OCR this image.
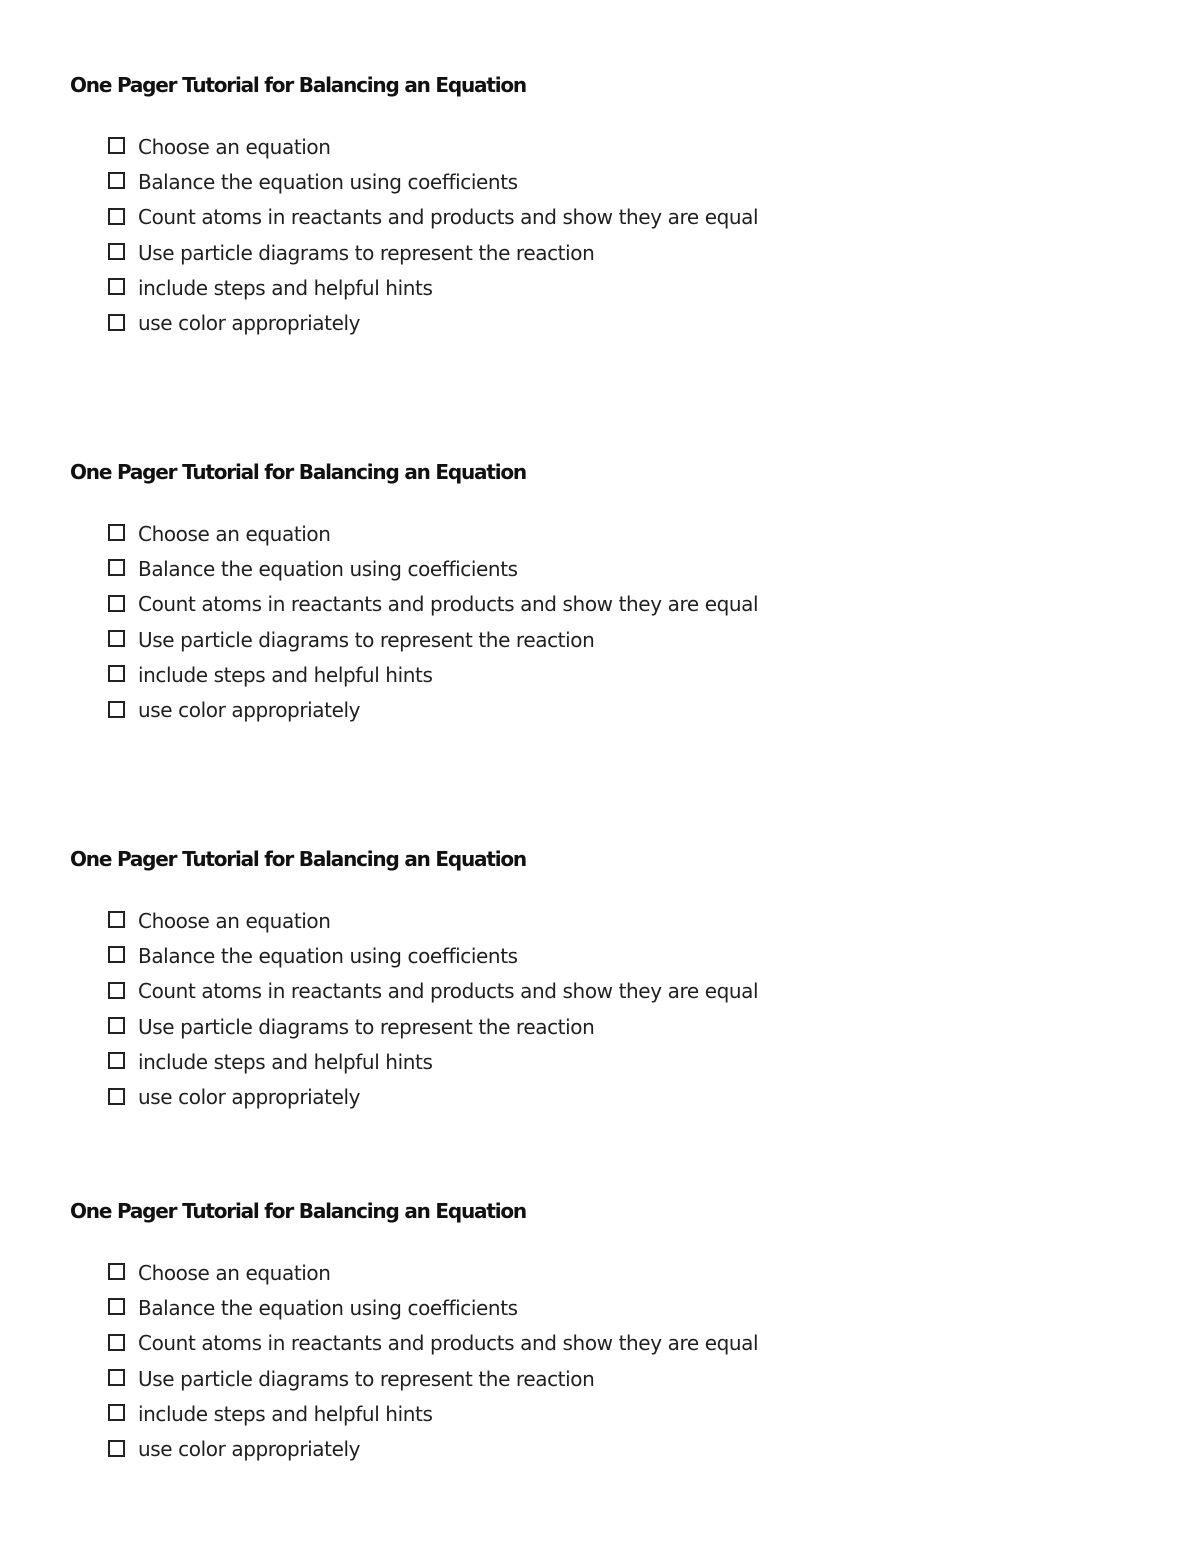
One Pager Tutorial for Balancing an Equation
Choose an equation
Balance the equation using coefficients
Count atoms in reactants and products and show they are equal
Use particle diagrams to represent the reaction
include steps and helpful hints
use color appropriately
One Pager Tutorial for Balancing an Equation
Choose an equation
Balance the equation using coefficients
Count atoms in reactants and products and show they are equal
Use particle diagrams to represent the reaction
include steps and helpful hints
use color appropriately
One Pager Tutorial for Balancing an Equation
Choose an equation
Balance the equation using coefficients
Count atoms in reactants and products and show they are equal
Use particle diagrams to represent the reaction
include steps and helpful hints
use color appropriately
One Pager Tutorial for Balancing an Equation
Choose an equation
Balance the equation using coefficients
Count atoms in reactants and products and show they are equal
Use particle diagrams to represent the reaction
include steps and helpful hints
use color appropriately
